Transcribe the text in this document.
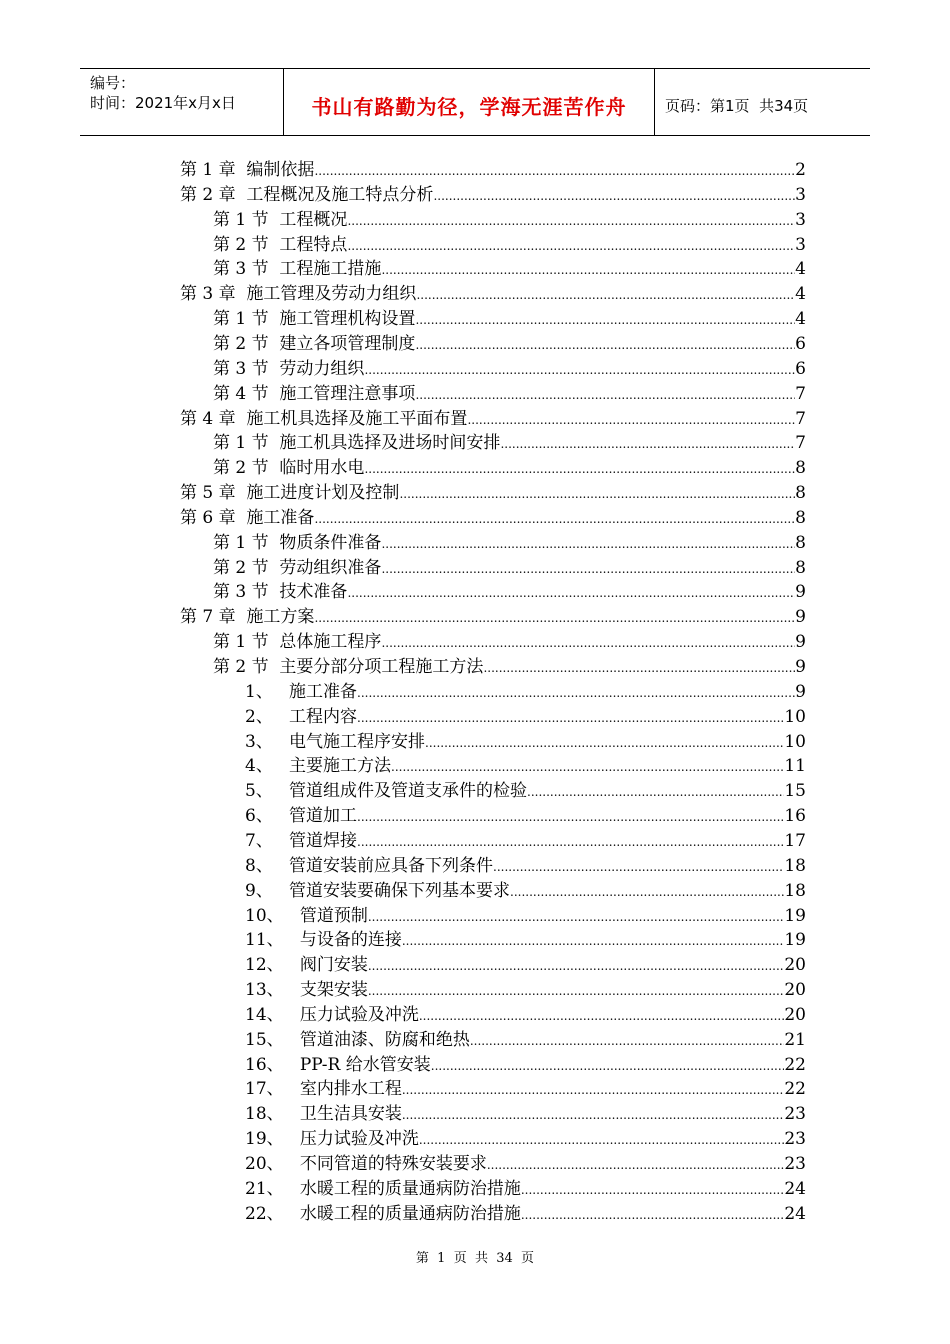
编号：
时间：2021年x月x日	书山有路勤为径，学海无涯苦作舟	页码：第1页  共34页
第 1 章  编制依据 .....	2
第 2 章  工程概况及施工特点分析 .....	3
第 1 节  工程概况 .....	3
第 2 节  工程特点 .....	3
第 3 节  工程施工措施 .....	4
第 3 章  施工管理及劳动力组织 .....	4
第 1 节  施工管理机构设置 .....	4
第 2 节  建立各项管理制度 .....	6
第 3 节  劳动力组织 .....	6
第 4 节  施工管理注意事项 .....	7
第 4 章  施工机具选择及施工平面布置 .....	7
第 1 节  施工机具选择及进场时间安排 .....	7
第 2 节  临时用水电 .....	8
第 5 章  施工进度计划及控制 .....	8
第 6 章  施工准备 .....	8
第 1 节  物质条件准备 .....	8
第 2 节  劳动组织准备 .....	8
第 3 节  技术准备 .....	9
第 7 章  施工方案 .....	9
第 1 节  总体施工程序 .....	9
第 2 节  主要分部分项工程施工方法 .....	9
1、   施工准备 .....	9
2、   工程内容 .....	10
3、   电气施工程序安排 .....	10
4、   主要施工方法 .....	11
5、   管道组成件及管道支承件的检验 .....	15
6、   管道加工 .....	16
7、   管道焊接 .....	17
8、   管道安装前应具备下列条件 .....	18
9、   管道安装要确保下列基本要求 .....	18
10、   管道预制 .....	19
11、   与设备的连接 .....	19
12、   阀门安装 .....	20
13、   支架安装 .....	20
14、   压力试验及冲洗 .....	20
15、   管道油漆、防腐和绝热 .....	21
16、   PP-R 给水管安装 .....	22
17、   室内排水工程 .....	22
18、   卫生洁具安装 .....	23
19、   压力试验及冲洗 .....	23
20、   不同管道的特殊安装要求 .....	23
21、   水暖工程的质量通病防治措施 .....	24
22、   水暖工程的质量通病防治措施 .....	24
第  1  页  共  34  页
